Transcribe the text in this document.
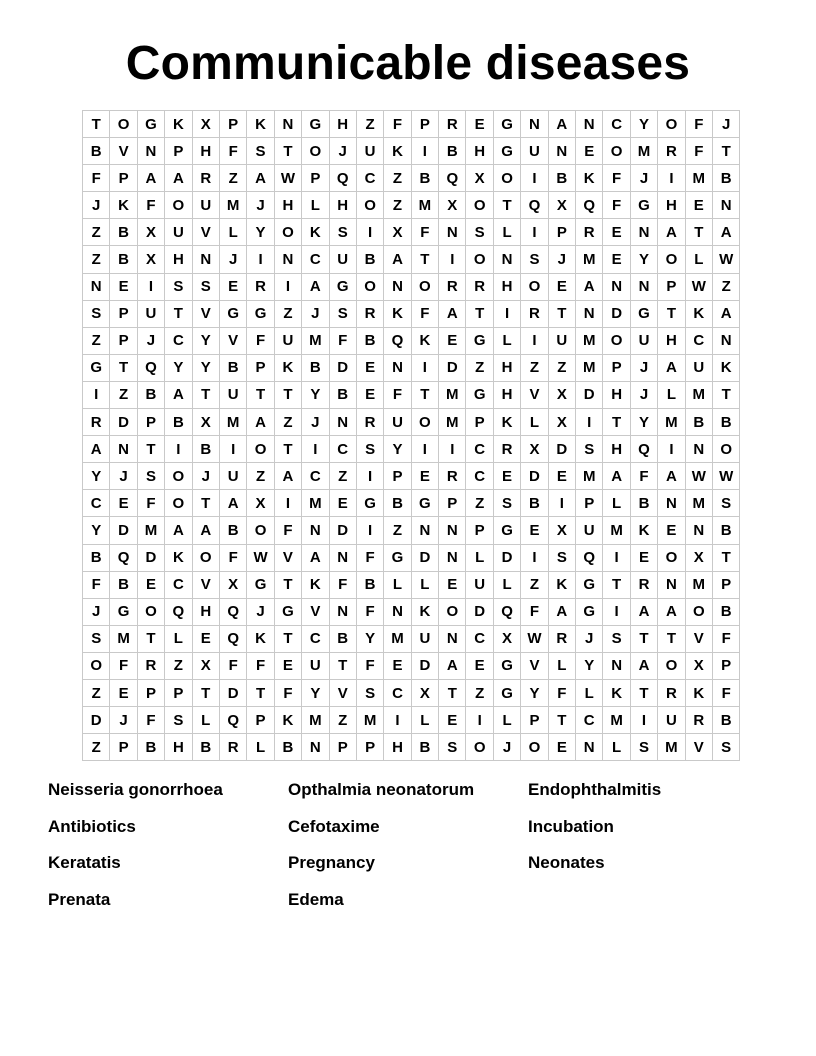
Communicable diseases
T	O	G	K	X	P	K	N	G	H	Z	F	P	R	E	G	N	A	N	C	Y	O	F	J
B	V	N	P	H	F	S	T	O	J	U	K	I	B	H	G	U	N	E	O	M	R	F	T
F	P	A	A	R	Z	A	W	P	Q	C	Z	B	Q	X	O	I	B	K	F	J	I	M	B
J	K	F	O	U	M	J	H	L	H	O	Z	M	X	O	T	Q	X	Q	F	G	H	E	N
Z	B	X	U	V	L	Y	O	K	S	I	X	F	N	S	L	I	P	R	E	N	A	T	A
Z	B	X	H	N	J	I	N	C	U	B	A	T	I	O	N	S	J	M	E	Y	O	L	W
N	E	I	S	S	E	R	I	A	G	O	N	O	R	R	H	O	E	A	N	N	P	W	Z
S	P	U	T	V	G	G	Z	J	S	R	K	F	A	T	I	R	T	N	D	G	T	K	A
Z	P	J	C	Y	V	F	U	M	F	B	Q	K	E	G	L	I	U	M	O	U	H	C	N
G	T	Q	Y	Y	B	P	K	B	D	E	N	I	D	Z	H	Z	Z	M	P	J	A	U	K
I	Z	B	A	T	U	T	T	Y	B	E	F	T	M	G	H	V	X	D	H	J	L	M	T
R	D	P	B	X	M	A	Z	J	N	R	U	O	M	P	K	L	X	I	T	Y	M	B	B
A	N	T	I	B	I	O	T	I	C	S	Y	I	I	C	R	X	D	S	H	Q	I	N	O
Y	J	S	O	J	U	Z	A	C	Z	I	P	E	R	C	E	D	E	M	A	F	A	W	W
C	E	F	O	T	A	X	I	M	E	G	B	G	P	Z	S	B	I	P	L	B	N	M	S
Y	D	M	A	A	B	O	F	N	D	I	Z	N	N	P	G	E	X	U	M	K	E	N	B
B	Q	D	K	O	F	W	V	A	N	F	G	D	N	L	D	I	S	Q	I	E	O	X	T
F	B	E	C	V	X	G	T	K	F	B	L	L	E	U	L	Z	K	G	T	R	N	M	P
J	G	O	Q	H	Q	J	G	V	N	F	N	K	O	D	Q	F	A	G	I	A	A	O	B
S	M	T	L	E	Q	K	T	C	B	Y	M	U	N	C	X	W	R	J	S	T	T	V	F
O	F	R	Z	X	F	F	E	U	T	F	E	D	A	E	G	V	L	Y	N	A	O	X	P
Z	E	P	P	T	D	T	F	Y	V	S	C	X	T	Z	G	Y	F	L	K	T	R	K	F
D	J	F	S	L	Q	P	K	M	Z	M	I	L	E	I	L	P	T	C	M	I	U	R	B
Z	P	B	H	B	R	L	B	N	P	P	H	B	S	O	J	O	E	N	L	S	M	V	S
Neisseria gonorrhoea	Opthalmia neonatorum	Endophthalmitis
Antibiotics	Cefotaxime	Incubation
Keratatis	Pregnancy	Neonates
Prenata	Edema
